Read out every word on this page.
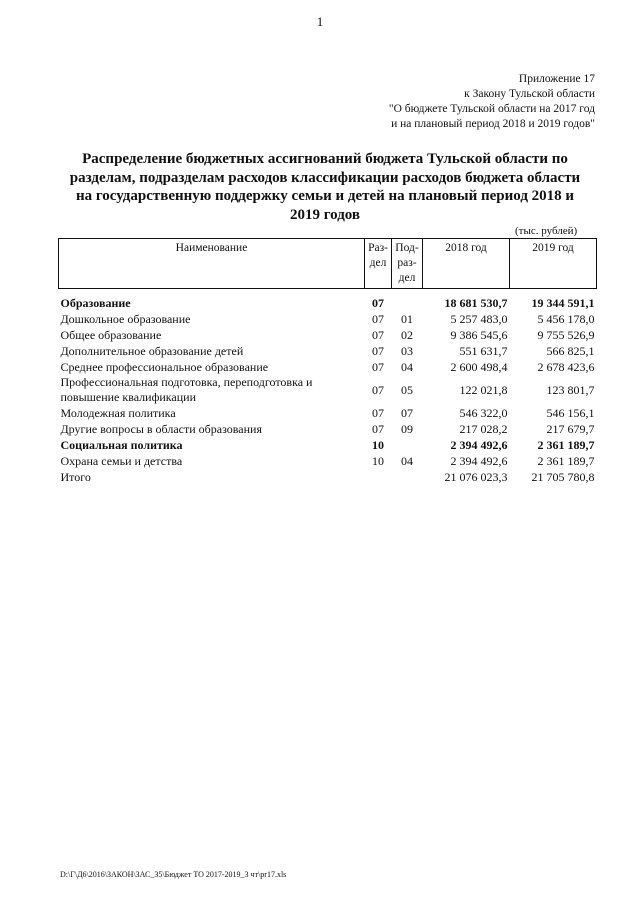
1
Приложение 17
к Закону Тульской области
"О бюджете Тульской области на 2017 год
и на плановый период 2018 и 2019 годов"
Распределение бюджетных ассигнований бюджета Тульской области по разделам, подразделам расходов классификации расходов бюджета области на государственную поддержку семьи и детей на плановый период 2018 и 2019 годов
(тыс. рублей)
Наименование	Раз-дел	Под-раз-дел	2018 год	2019 год

Образование	07		18 681 530,7	19 344 591,1
Дошкольное образование	07	01	5 257 483,0	5 456 178,0
Общее образование	07	02	9 386 545,6	9 755 526,9
Дополнительное образование детей	07	03	551 631,7	566 825,1
Среднее профессиональное образование	07	04	2 600 498,4	2 678 423,6
Профессиональная подготовка, переподготовка и повышение квалификации	07	05	122 021,8	123 801,7
Молодежная политика	07	07	546 322,0	546 156,1
Другие вопросы в области образования	07	09	217 028,2	217 679,7
Социальная политика	10		2 394 492,6	2 361 189,7
Охрана семьи и детства	10	04	2 394 492,6	2 361 189,7
Итого			21 076 023,3	21 705 780,8
D:\Г\Д6\2016\ЗАКОН\ЗАС_35\Бюджет ТО 2017-2019_3 чт\pr17.xls
